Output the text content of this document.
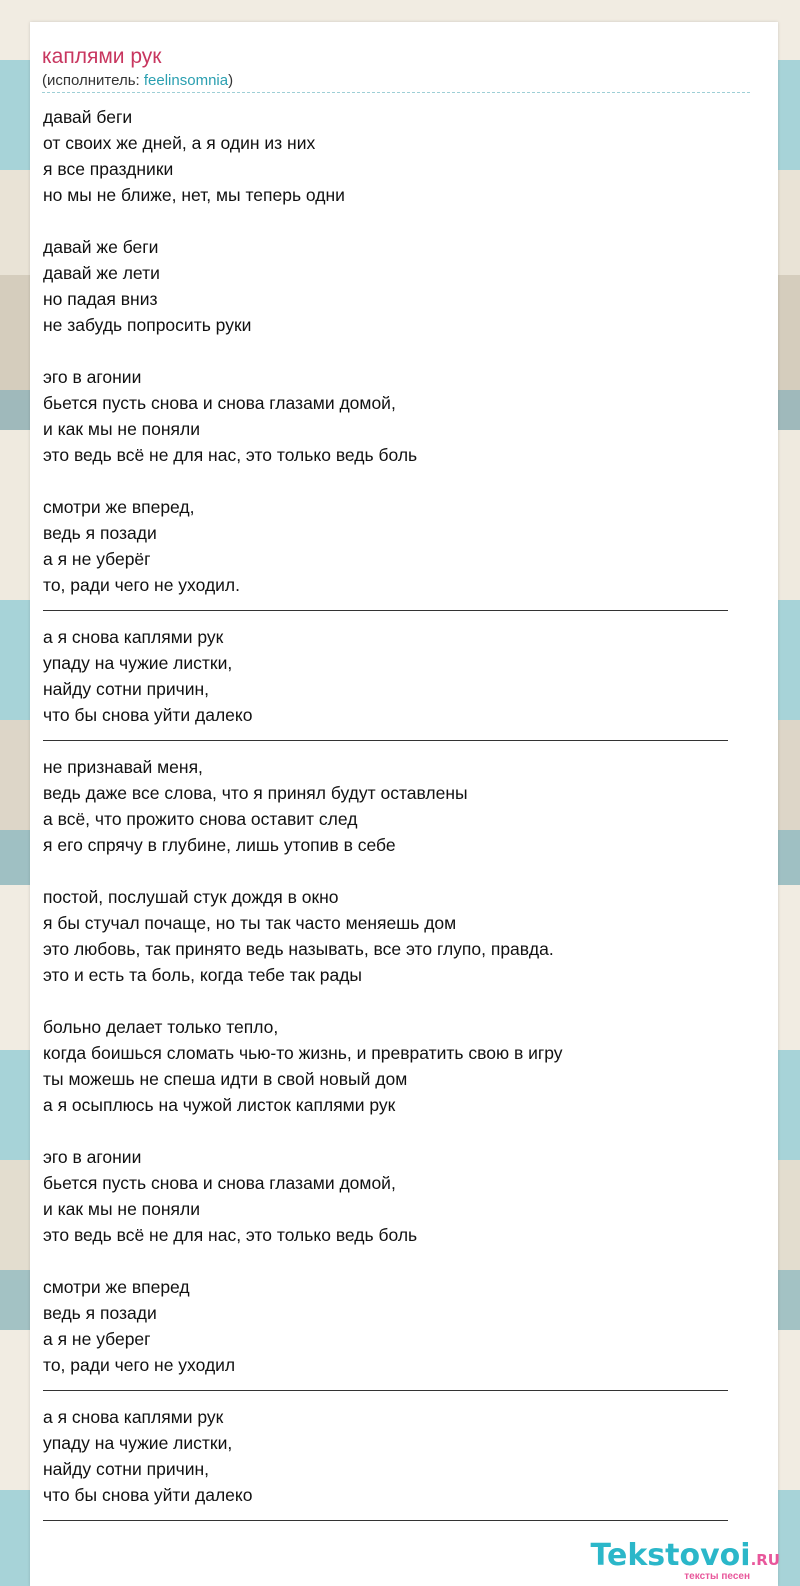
каплями рук
(исполнитель: feelinsomnia)
давай беги
от своих же дней, а я один из них
я все праздники
но мы не ближе, нет, мы теперь одни
давай же беги
давай же лети
но падая вниз
не забудь попросить руки
эго в агонии
бьется пусть снова и снова глазами домой,
и как мы не поняли
это ведь всё не для нас, это только ведь боль
смотри же вперед,
ведь я позади
а я не уберёг
то, ради чего не уходил.
а я снова каплями рук
упаду на чужие листки,
найду сотни причин,
что бы снова уйти далеко
не признавай меня,
ведь даже все слова, что я принял будут оставлены
а всё, что прожито снова оставит след
я его спрячу в глубине, лишь утопив в себе
постой, послушай стук дождя в окно
я бы стучал почаще, но ты так часто меняешь дом
это любовь, так принято ведь называть, все это глупо, правда.
это и есть та боль, когда тебе так рады
больно делает только тепло,
когда боишься сломать чью-то жизнь, и превратить свою в игру
ты можешь не спеша идти в свой новый дом
а я осыплюсь на чужой листок каплями рук
эго в агонии
бьется пусть снова и снова глазами домой,
и как мы не поняли
это ведь всё не для нас, это только ведь боль
смотри же вперед
ведь я позади
а я не уберег
то, ради чего не уходил
а я снова каплями рук
упаду на чужие листки,
найду сотни причин,
что бы снова уйти далеко
Tekstovoi.RU
тексты песен
